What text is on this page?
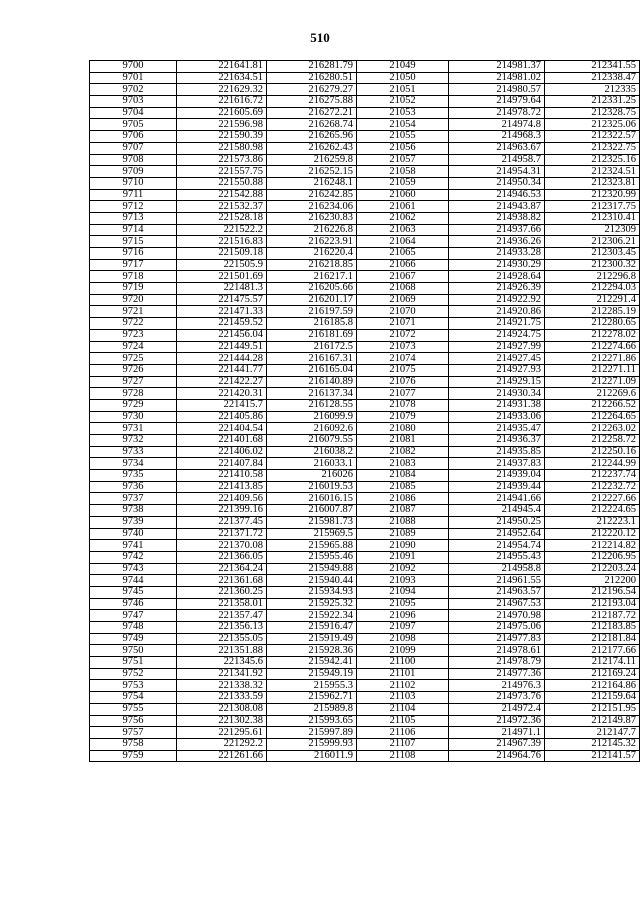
510
9700	221641.81	216281.79	21049	214981.37	212341.55
9701	221634.51	216280.51	21050	214981.02	212338.47
9702	221629.32	216279.27	21051	214980.57	212335
9703	221616.72	216275.88	21052	214979.64	212331.25
9704	221605.69	216272.21	21053	214978.72	212328.75
9705	221596.98	216268.74	21054	214974.8	212325.06
9706	221590.39	216265.96	21055	214968.3	212322.57
9707	221580.98	216262.43	21056	214963.67	212322.75
9708	221573.86	216259.8	21057	214958.7	212325.16
9709	221557.75	216252.15	21058	214954.31	212324.51
9710	221550.88	216248.1	21059	214950.34	212323.81
9711	221542.88	216242.85	21060	214946.53	212320.99
9712	221532.37	216234.06	21061	214943.87	212317.75
9713	221528.18	216230.83	21062	214938.82	212310.41
9714	221522.2	216226.8	21063	214937.66	212309
9715	221516.83	216223.91	21064	214936.26	212306.21
9716	221509.18	216220.4	21065	214933.28	212303.45
9717	221505.9	216218.85	21066	214930.29	212300.32
9718	221501.69	216217.1	21067	214928.64	212296.8
9719	221481.3	216205.66	21068	214926.39	212294.03
9720	221475.57	216201.17	21069	214922.92	212291.4
9721	221471.33	216197.59	21070	214920.86	212285.19
9722	221459.52	216185.8	21071	214921.75	212280.65
9723	221456.04	216181.69	21072	214924.75	212278.02
9724	221449.51	216172.5	21073	214927.99	212274.66
9725	221444.28	216167.31	21074	214927.45	212271.86
9726	221441.77	216165.04	21075	214927.93	212271.11
9727	221422.27	216140.89	21076	214929.15	212271.09
9728	221420.31	216137.34	21077	214930.34	212269.6
9729	221415.7	216128.55	21078	214931.38	212266.52
9730	221405.86	216099.9	21079	214933.06	212264.65
9731	221404.54	216092.6	21080	214935.47	212263.02
9732	221401.68	216079.55	21081	214936.37	212258.72
9733	221406.02	216038.2	21082	214935.85	212250.16
9734	221407.84	216033.1	21083	214937.83	212244.99
9735	221410.58	216026	21084	214939.04	212237.74
9736	221413.85	216019.53	21085	214939.44	212232.72
9737	221409.56	216016.15	21086	214941.66	212227.66
9738	221399.16	216007.87	21087	214945.4	212224.65
9739	221377.45	215981.73	21088	214950.25	212223.1
9740	221371.72	215969.5	21089	214952.64	212220.12
9741	221370.08	215965.88	21090	214954.74	212214.82
9742	221366.05	215955.46	21091	214955.43	212206.95
9743	221364.24	215949.88	21092	214958.8	212203.24
9744	221361.68	215940.44	21093	214961.55	212200
9745	221360.25	215934.93	21094	214963.57	212196.54
9746	221358.01	215925.32	21095	214967.53	212193.04
9747	221357.47	215922.34	21096	214970.98	212187.72
9748	221356.13	215916.47	21097	214975.06	212183.85
9749	221355.05	215919.49	21098	214977.83	212181.84
9750	221351.88	215928.36	21099	214978.61	212177.66
9751	221345.6	215942.41	21100	214978.79	212174.11
9752	221341.92	215949.19	21101	214977.36	212169.24
9753	221338.32	215955.3	21102	214976.3	212164.86
9754	221333.59	215962.71	21103	214973.76	212159.64
9755	221308.08	215989.8	21104	214972.4	212151.95
9756	221302.38	215993.65	21105	214972.36	212149.87
9757	221295.61	215997.89	21106	214971.1	212147.7
9758	221292.2	215999.93	21107	214967.39	212145.32
9759	221261.66	216011.9	21108	214964.76	212141.57
